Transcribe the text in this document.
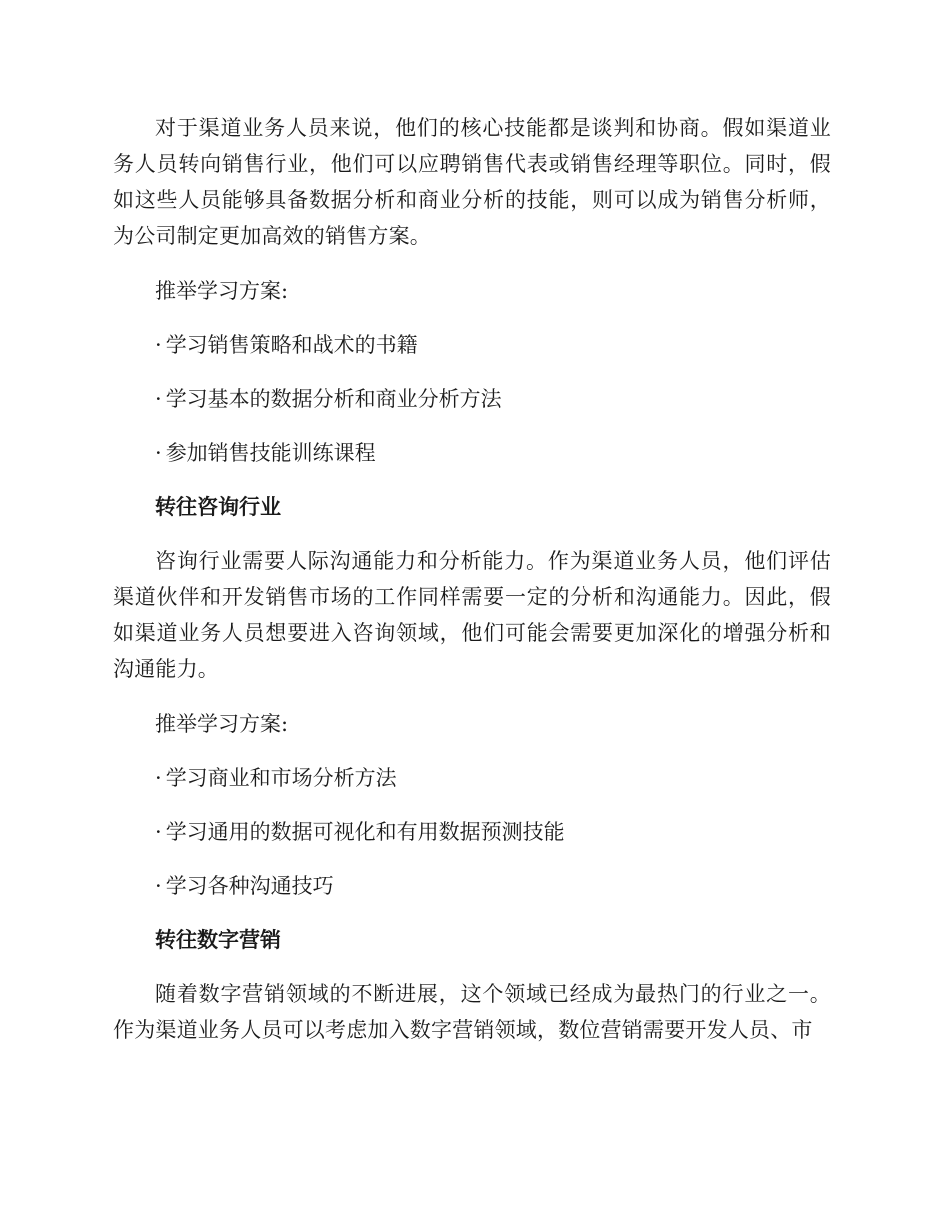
对于渠道业务人员来说，他们的核心技能都是谈判和协商。假如渠道业务人员转向销售行业，他们可以应聘销售代表或销售经理等职位。同时，假如这些人员能够具备数据分析和商业分析的技能，则可以成为销售分析师，为公司制定更加高效的销售方案。

推举学习方案:

· 学习销售策略和战术的书籍

· 学习基本的数据分析和商业分析方法

· 参加销售技能训练课程

转往咨询行业

咨询行业需要人际沟通能力和分析能力。作为渠道业务人员，他们评估渠道伙伴和开发销售市场的工作同样需要一定的分析和沟通能力。因此，假如渠道业务人员想要进入咨询领域，他们可能会需要更加深化的增强分析和沟通能力。

推举学习方案:

· 学习商业和市场分析方法

· 学习通用的数据可视化和有用数据预测技能

· 学习各种沟通技巧

转往数字营销

随着数字营销领域的不断进展，这个领域已经成为最热门的行业之一。作为渠道业务人员可以考虑加入数字营销领域，数位营销需要开发人员、市
